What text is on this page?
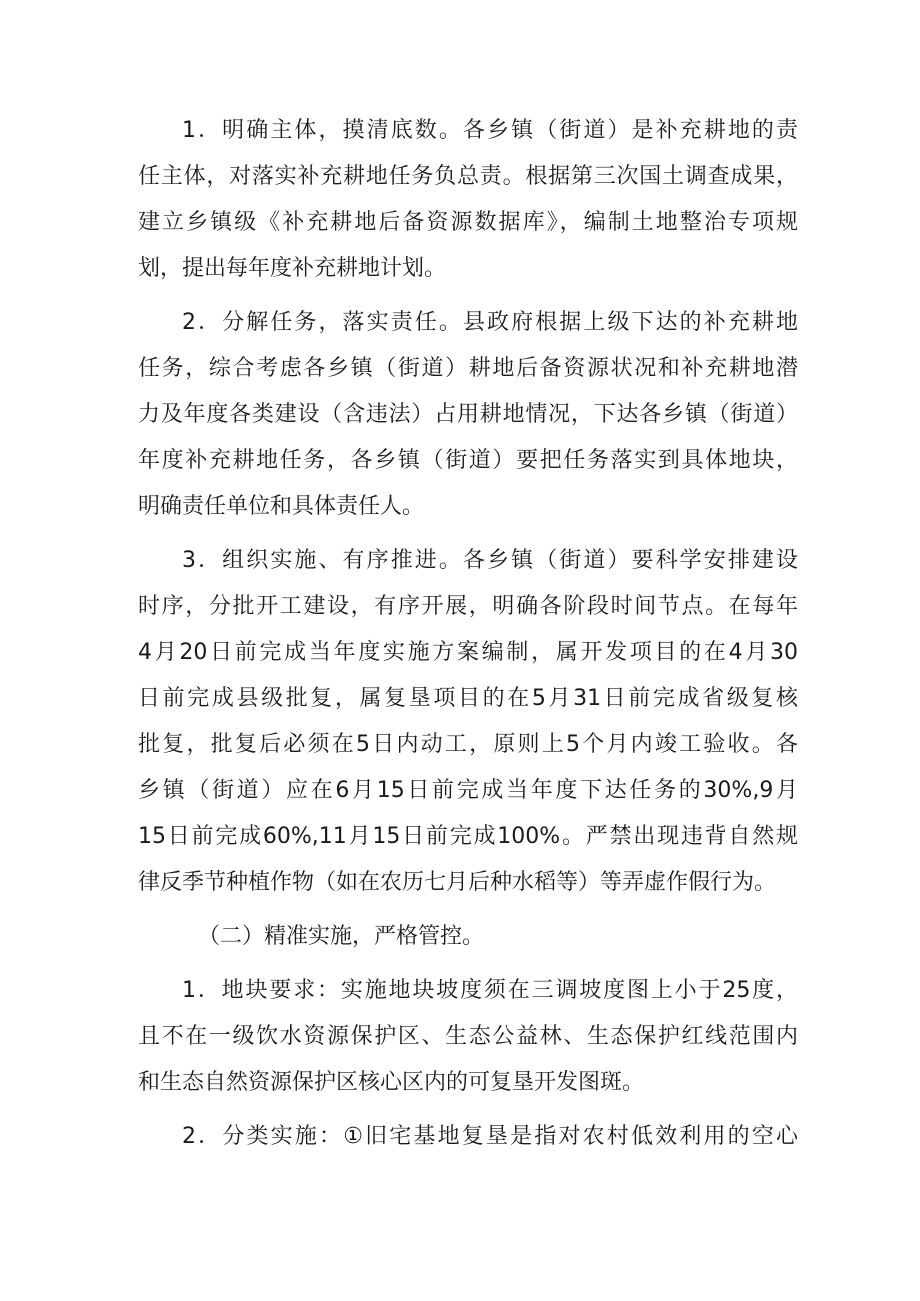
1．明确主体，摸清底数。各乡镇（街道）是补充耕地的责
任主体，对落实补充耕地任务负总责。根据第三次国土调查成果，
建立乡镇级《补充耕地后备资源数据库》，编制土地整治专项规
划，提出每年度补充耕地计划。

2．分解任务，落实责任。县政府根据上级下达的补充耕地
任务，综合考虑各乡镇（街道）耕地后备资源状况和补充耕地潜
力及年度各类建设（含违法）占用耕地情况，下达各乡镇（街道）
年度补充耕地任务，各乡镇（街道）要把任务落实到具体地块，
明确责任单位和具体责任人。

3．组织实施、有序推进。各乡镇（街道）要科学安排建设
时序，分批开工建设，有序开展，明确各阶段时间节点。在每年
4月20日前完成当年度实施方案编制，属开发项目的在4月30
日前完成县级批复，属复垦项目的在5月31日前完成省级复核
批复，批复后必须在5日内动工，原则上5个月内竣工验收。各
乡镇（街道）应在6月15日前完成当年度下达任务的30%,9月
15日前完成60%,11月15日前完成100%。严禁出现违背自然规
律反季节种植作物（如在农历七月后种水稻等）等弄虚作假行为。

（二）精准实施，严格管控。

1．地块要求：实施地块坡度须在三调坡度图上小于25度，
且不在一级饮水资源保护区、生态公益林、生态保护红线范围内
和生态自然资源保护区核心区内的可复垦开发图斑。

2．分类实施：①旧宅基地复垦是指对农村低效利用的空心
